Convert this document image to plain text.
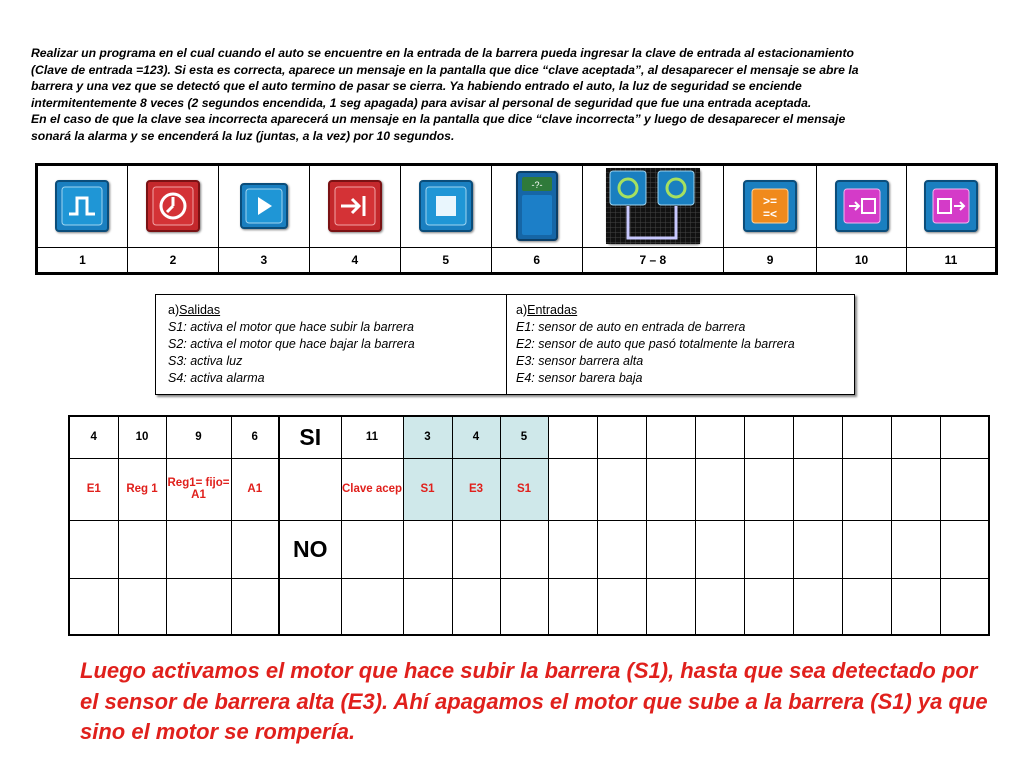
Realizar un programa en el cual cuando el auto se encuentre en la entrada de la barrera pueda ingresar la clave de entrada al estacionamiento

(Clave de entrada =123). Si esta es correcta, aparece un mensaje en la pantalla que dice “clave aceptada”, al desaparecer el mensaje se abre la

barrera y una vez que se detectó que el auto termino de pasar se cierra. Ya habiendo entrado el auto, la luz de seguridad se enciende

intermitentemente 8 veces (2 segundos encendida, 1 seg apagada) para avisar al personal de seguridad que fue una entrada aceptada.

En el caso de que la clave sea incorrecta aparecerá un mensaje en la pantalla que dice “clave incorrecta” y luego de desaparecer el mensaje

sonará la alarma y se encenderá la luz (juntas, a la vez) por 10 segundos.

-?-		>=
=<

1	2	3	4	5	6	7 – 8	9	10	11
a)Salidas
S1: activa el motor que hace subir la barrera
S2: activa el motor que hace bajar la barrera
S3: activa luz
S4: activa alarma
a)Entradas
E1: sensor de auto en entrada de barrera
E2: sensor de auto que pasó totalmente la barrera
E3: sensor barrera alta
E4: sensor barera baja
4	10	9	6	SI	11	3	4	5									
E1	Reg 1	Reg1= fijo= A1	A1		Clave acep	S1	E3	S1									
				NO													

Luego activamos el motor que hace subir la barrera (S1), hasta que sea detectado por el sensor de barrera alta (E3). Ahí apagamos el motor que sube a la barrera (S1) ya que sino el motor se rompería.
